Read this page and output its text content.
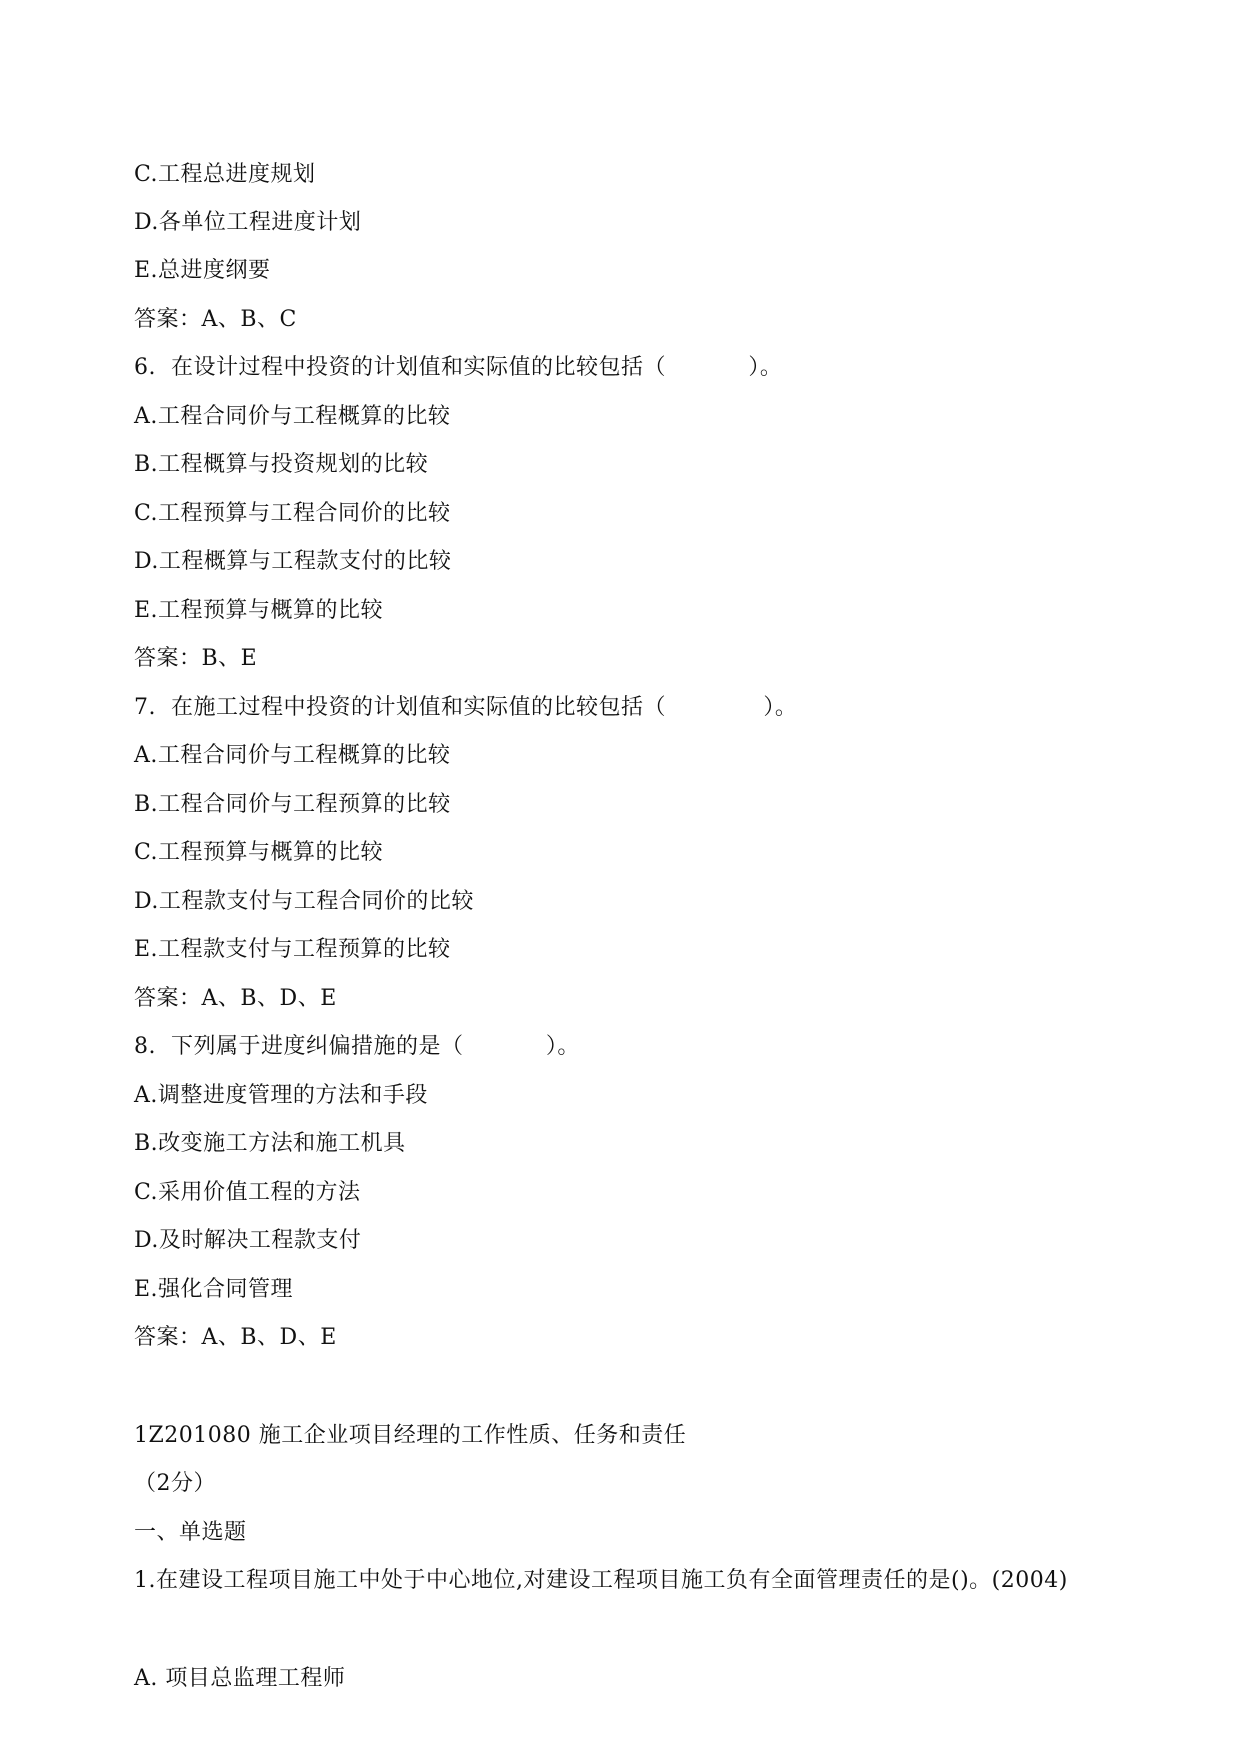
C.工程总进度规划
D.各单位工程进度计划
E.总进度纲要
答案：A、B、C
6.  在设计过程中投资的计划值和实际值的比较包括（           ）。
A.工程合同价与工程概算的比较
B.工程概算与投资规划的比较
C.工程预算与工程合同价的比较
D.工程概算与工程款支付的比较
E.工程预算与概算的比较
答案：B、E
7.  在施工过程中投资的计划值和实际值的比较包括（             ）。
A.工程合同价与工程概算的比较
B.工程合同价与工程预算的比较
C.工程预算与概算的比较
D.工程款支付与工程合同价的比较
E.工程款支付与工程预算的比较
答案：A、B、D、E
8.  下列属于进度纠偏措施的是（           ）。
A.调整进度管理的方法和手段
B.改变施工方法和施工机具
C.采用价值工程的方法
D.及时解决工程款支付
E.强化合同管理
答案：A、B、D、E
1Z201080 施工企业项目经理的工作性质、任务和责任
（2分）
一、单选题
1.在建设工程项目施工中处于中心地位,对建设工程项目施工负有全面管理责任的是()。(2004)
A. 项目总监理工程师
